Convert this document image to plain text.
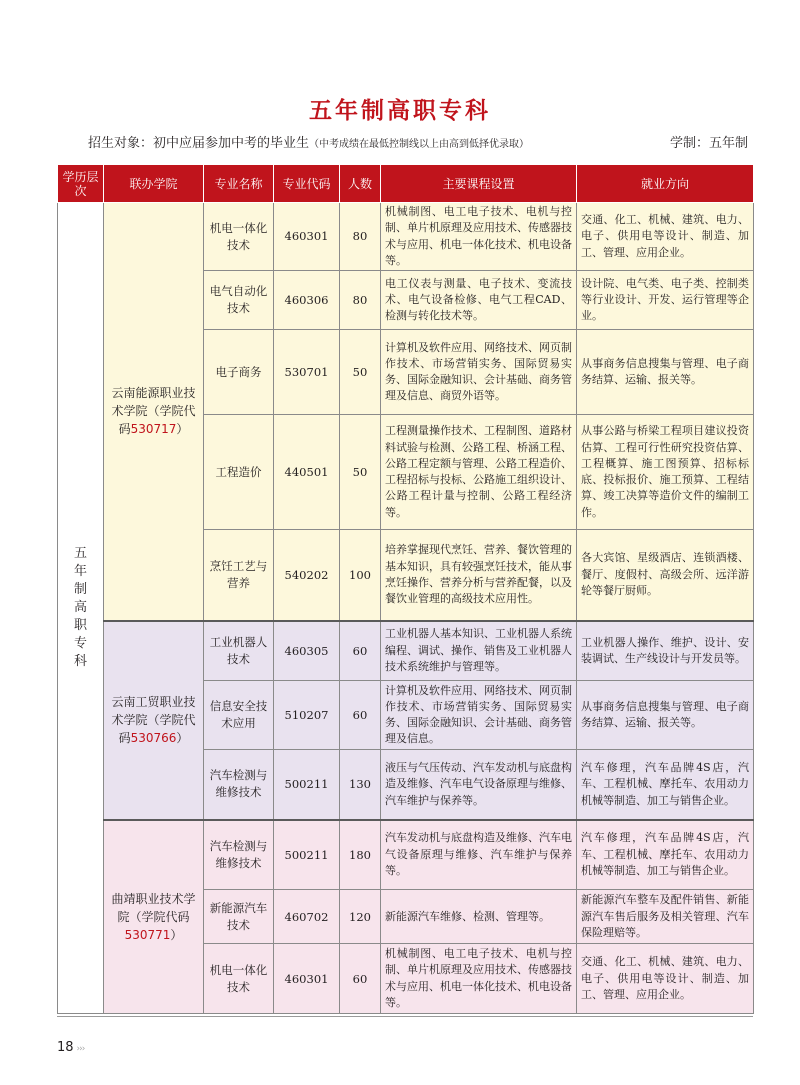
五年制高职专科
招生对象：初中应届参加中考的毕业生（中考成绩在最低控制线以上由高到低择优录取）	学制：五年制
学历层次	联办学院	专业名称	专业代码	人数	主要课程设置	就业方向
五年制高职专科	云南能源职业技术学院（学院代码530717）	机电一体化技术	460301	80	机械制图、电工电子技术、电机与控制、单片机原理及应用技术、传感器技术与应用、机电一体化技术、机电设备等。	交通、化工、机械、建筑、电力、电子、供用电等设计、制造、加工、管理、应用企业。
		电气自动化技术	460306	80	电工仪表与测量、电子技术、变流技术、电气设备检修、电气工程CAD、检测与转化技术等。	设计院、电气类、电子类、控制类等行业设计、开发、运行管理等企业。
		电子商务	530701	50	计算机及软件应用、网络技术、网页制作技术、市场营销实务、国际贸易实务、国际金融知识、会计基础、商务管理及信息、商贸外语等。	从事商务信息搜集与管理、电子商务结算、运输、报关等。
		工程造价	440501	50	工程测量操作技术、工程制图、道路材料试验与检测、公路工程、桥涵工程、公路工程定额与管理、公路工程造价、工程招标与投标、公路施工组织设计、公路工程计量与控制、公路工程经济等。	从事公路与桥梁工程项目建议投资估算、工程可行性研究投资估算、工程概算、施工图预算、招标标底、投标报价、施工预算、工程结算、竣工决算等造价文件的编制工作。
		烹饪工艺与营养	540202	100	培养掌握现代烹饪、营养、餐饮管理的基本知识，具有较强烹饪技术，能从事烹饪操作、营养分析与营养配餐，以及餐饮业管理的高级技术应用性。	各大宾馆、星级酒店、连锁酒楼、餐厅、度假村、高级会所、远洋游轮等餐厅厨师。
	云南工贸职业技术学院（学院代码530766）	工业机器人技术	460305	60	工业机器人基本知识、工业机器人系统编程、调试、操作、销售及工业机器人技术系统维护与管理等。	工业机器人操作、维护、设计、安装调试、生产线设计与开发员等。
		信息安全技术应用	510207	60	计算机及软件应用、网络技术、网页制作技术、市场营销实务、国际贸易实务、国际金融知识、会计基础、商务管理及信息。	从事商务信息搜集与管理、电子商务结算、运输、报关等。
		汽车检测与维修技术	500211	130	液压与气压传动、汽车发动机与底盘构造及维修、汽车电气设备原理与维修、汽车维护与保养等。	汽车修理，汽车品牌4S店，汽车、工程机械、摩托车、农用动力机械等制造、加工与销售企业。
	曲靖职业技术学院（学院代码530771）	汽车检测与维修技术	500211	180	汽车发动机与底盘构造及维修、汽车电气设备原理与维修、汽车维护与保养等。	汽车修理，汽车品牌4S店，汽车、工程机械、摩托车、农用动力机械等制造、加工与销售企业。
		新能源汽车技术	460702	120	新能源汽车维修、检测、管理等。	新能源汽车整车及配件销售、新能源汽车售后服务及相关管理、汽车保险理赔等。
		机电一体化技术	460301	60	机械制图、电工电子技术、电机与控制、单片机原理及应用技术、传感器技术与应用、机电一体化技术、机电设备等。	交通、化工、机械、建筑、电力、电子、供用电等设计、制造、加工、管理、应用企业。
18 ›››
